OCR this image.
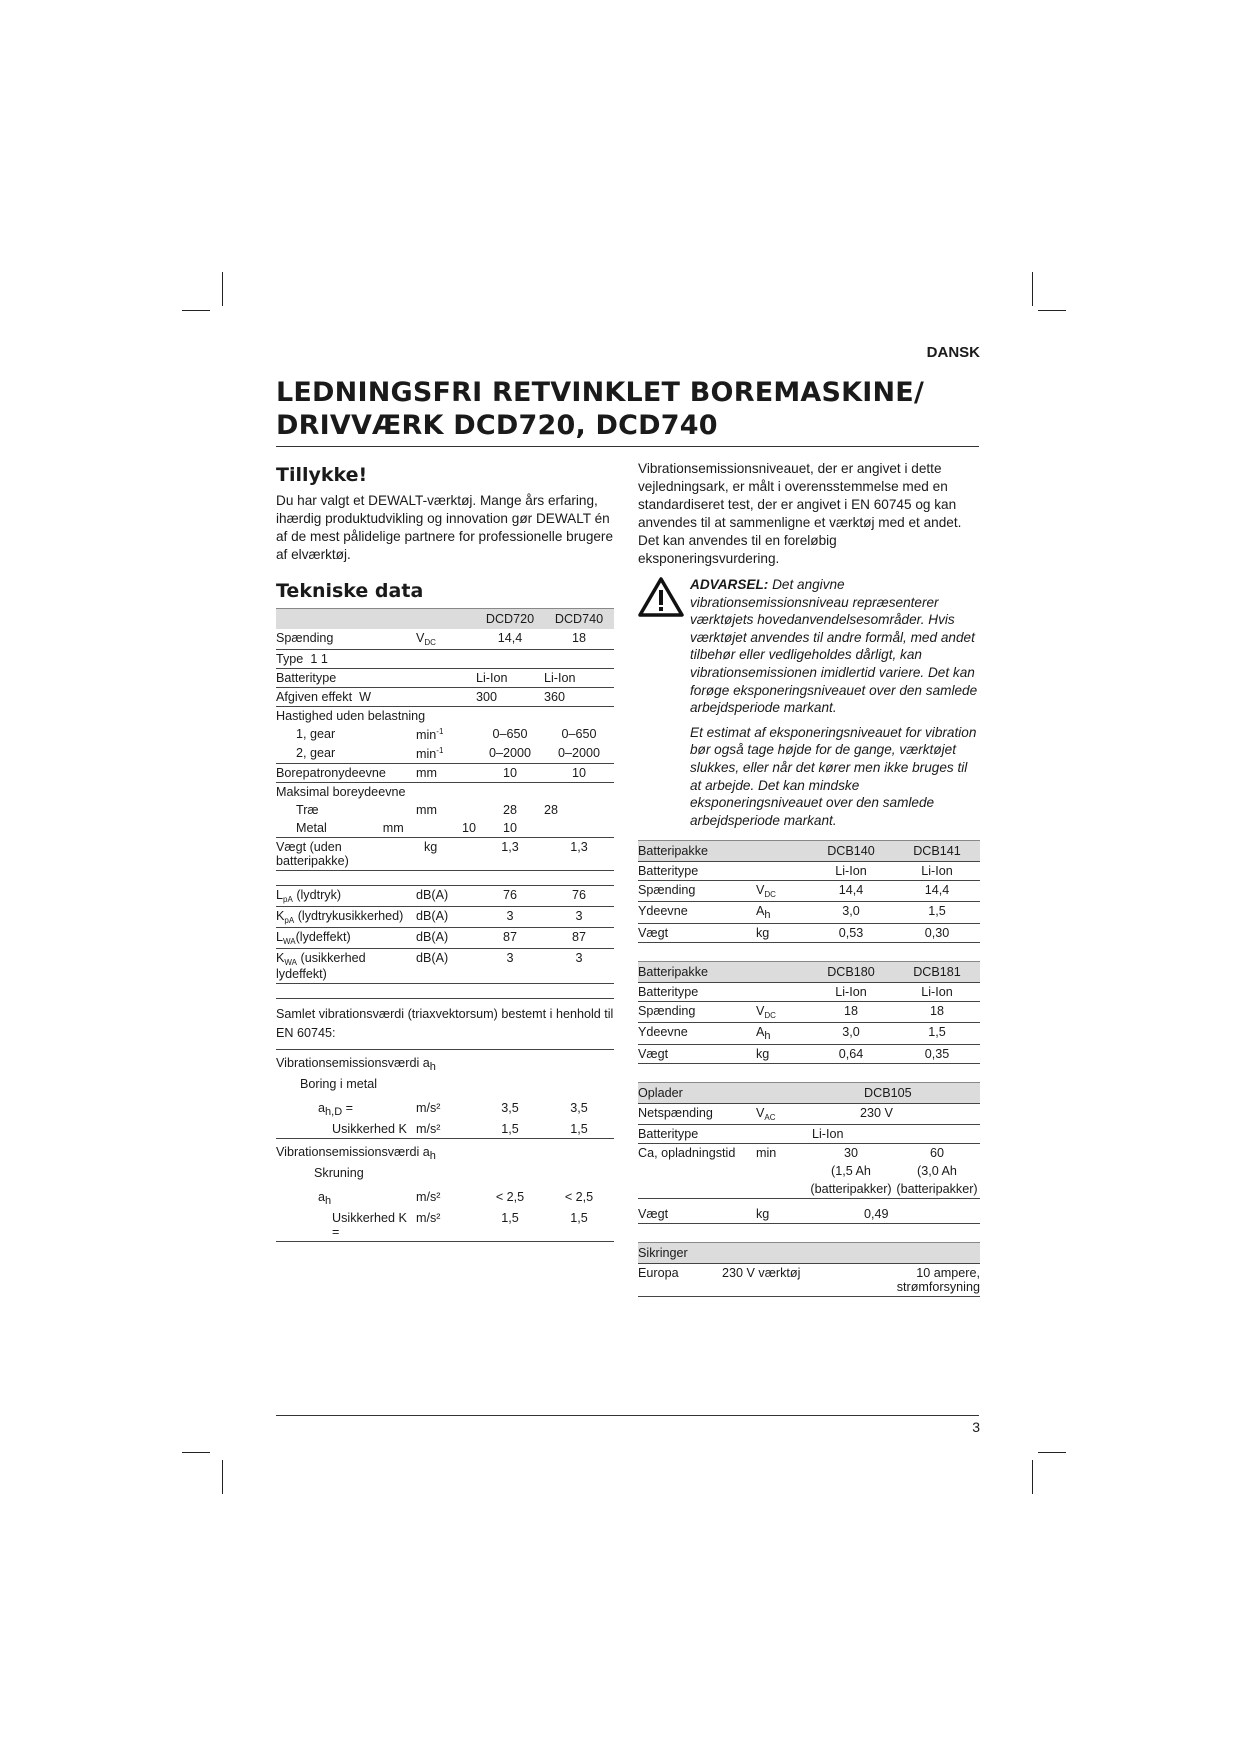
DANSK
LEDNINGSFRI RETVINKLET BOREMASKINE/
DRIVVÆRK DCD720, DCD740
Tillykke!

Du har valgt et DEWALT-værktøj. Mange års erfaring, ihærdig produktudvikling og innovation gør DEWALT én af de mest pålidelige partnere for professionelle brugere af elværktøj.

Tekniske data
		DCD720	DCD740
Spænding	$V_{DC}$	14,4	18
Type 1 1			
Batteritype		Li-Ion	Li-Ion
Afgiven effekt W		300	360
Hastighed uden belastning			
1, gear	$\min^{-1}$	0–650	0–650
2, gear	$\min^{-1}$	0–2000	0–2000
Borepatronydeevne	mm	10	10
Maksimal boreydeevne			
Træ	mm	28	28
Metal mm	10	10	
Vægt (uden batteripakke)	kg	1,3	1,3

$L_{pA}$ (lydtryk)	dB(A)	76	76
$K_{pA}$ (lydtrykusikkerhed)	dB(A)	3	3
$L_{WA}(lydeffekt)$	dB(A)	87	87
$K_{WA}$ (usikkerhed lydeffekt)	dB(A)	3	3

Samlet vibrationsværdi (triaxvektorsum) bestemt i henhold til EN 60745:			
Vibrationsemissionsværdi ah			
Boring i metal			
ah,D =	m/s²	3,5	3,5
Usikkerhed K	m/s²	1,5	1,5
Vibrationsemissionsværdi ah			
Skruning			
ah	m/s²	< 2,5	< 2,5
Usikkerhed K =	m/s²	1,5	1,5

Vibrationsemissionsniveauet, der er angivet i dette vejledningsark, er målt i overensstemmelse med en standardiseret test, der er angivet i EN 60745 og kan anvendes til at sammenligne et værktøj med et andet. Det kan anvendes til en foreløbig eksponeringsvurdering.

ADVARSEL: Det angivne vibrationsemissionsniveau repræsenterer værktøjets hovedanvendelsesområder. Hvis værktøjet anvendes til andre formål, med andet tilbehør eller vedligeholdes dårligt, kan vibrationsemissionen imidlertid variere. Det kan forøge eksponeringsniveauet over den samlede arbejdsperiode markant.

Et estimat af eksponeringsniveauet for vibration bør også tage højde for de gange, værktøjet slukkes, eller når det kører men ikke bruges til at arbejde. Det kan mindske eksponeringsniveauet over den samlede arbejdsperiode markant.

Batteripakke		DCB140	DCB141
Batteritype		Li-Ion	Li-Ion
Spænding	$V_{DC}$	14,4	14,4
Ydeevne	Ah	3,0	1,5
Vægt	kg	0,53	0,30

Batteripakke		DCB180	DCB181
Batteritype		Li-Ion	Li-Ion
Spænding	$V_{DC}$	18	18
Ydeevne	Ah	3,0	1,5
Vægt	kg	0,64	0,35

Oplader		DCB105	
Netspænding	$V_{AC}$	230 V	
Batteritype		Li-Ion	
Ca, opladningstid	min	30	60
		(1,5 Ah	(3,0 Ah
		(batteripakker)	(batteripakker)
Vægt	kg	0,49	

Sikringer
Europa	230 V værktøj	10 ampere, strømforsyning
3
